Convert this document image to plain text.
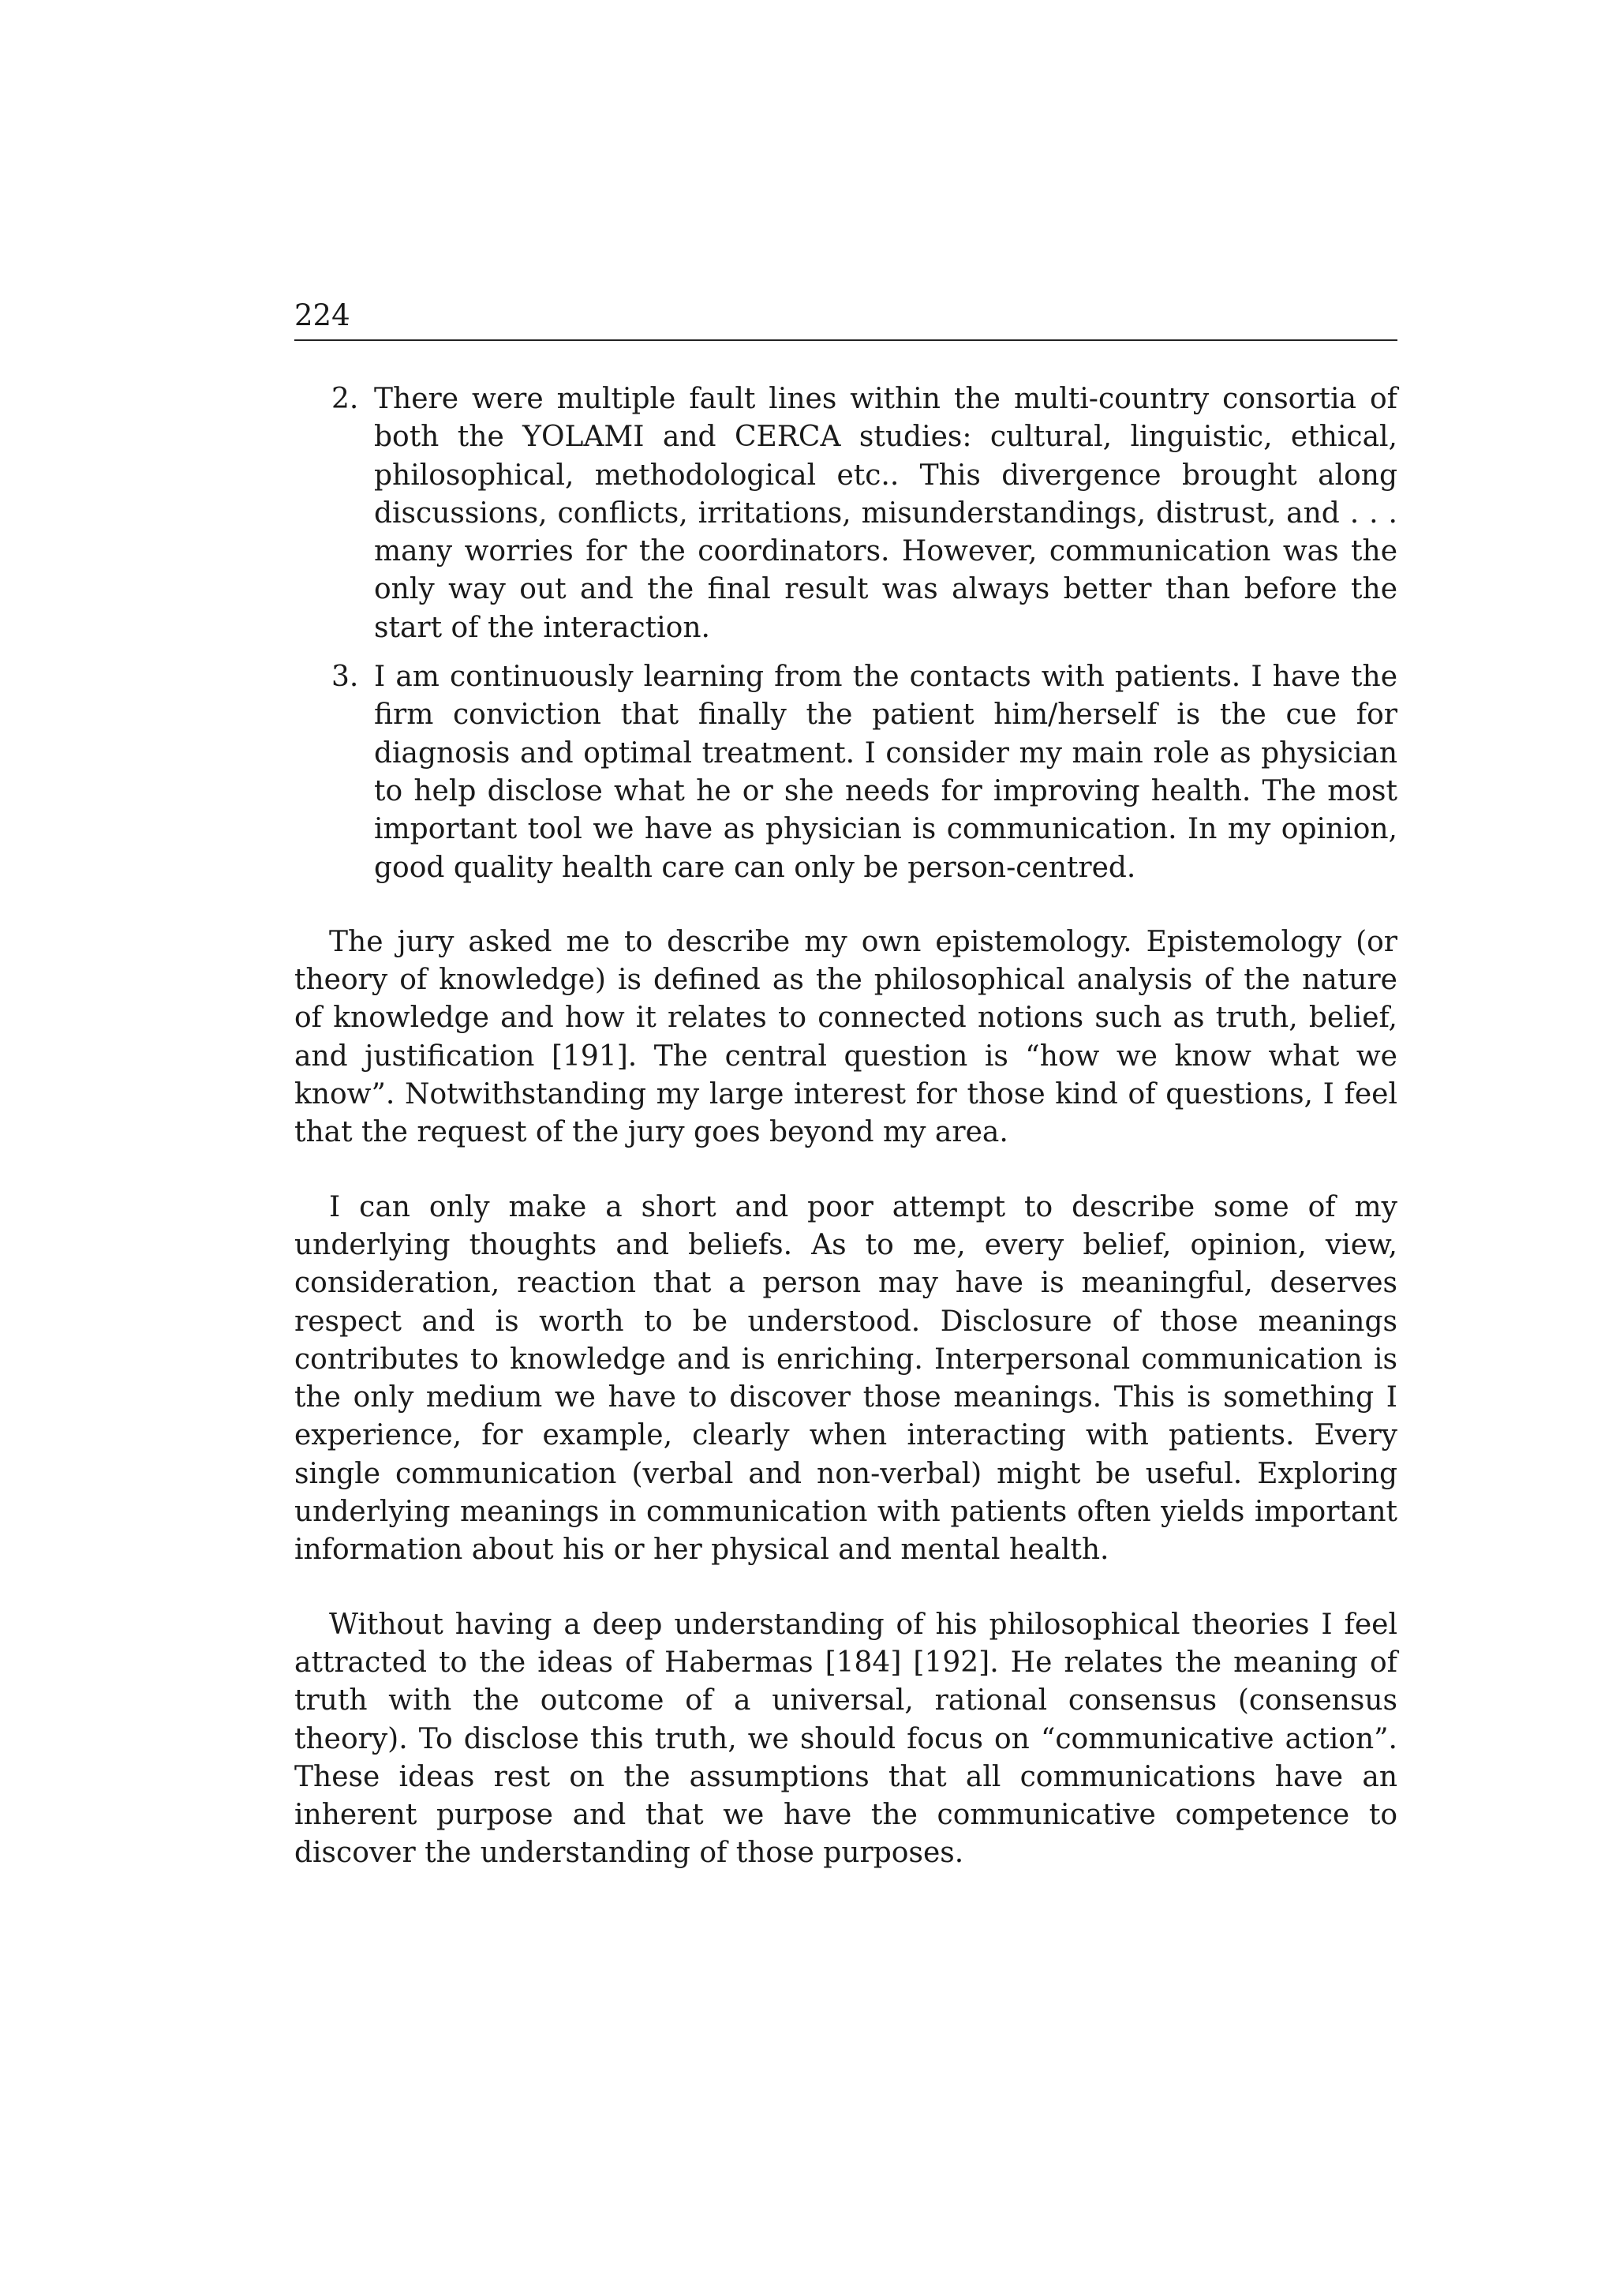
224
2. There were multiple fault lines within the multi-country consortia of both the YOLAMI and CERCA studies: cultural, linguistic, ethical, philosophical, methodological etc.. This divergence brought along discussions, conflicts, irritations, misunderstandings, distrust, and . . . many worries for the coordinators. However, communication was the only way out and the final result was always better than before the start of the interaction.
3. I am continuously learning from the contacts with patients. I have the firm conviction that finally the patient him/herself is the cue for diagnosis and optimal treatment. I consider my main role as physician to help disclose what he or she needs for improving health. The most important tool we have as physician is communication. In my opinion, good quality health care can only be person-centred.

The jury asked me to describe my own epistemology. Epistemology (or theory of knowledge) is defined as the philosophical analysis of the nature of knowledge and how it relates to connected notions such as truth, belief, and justification [191]. The central question is “how we know what we know”. Notwithstanding my large interest for those kind of questions, I feel that the request of the jury goes beyond my area.

I can only make a short and poor attempt to describe some of my underlying thoughts and beliefs. As to me, every belief, opinion, view, consideration, reaction that a person may have is meaningful, deserves respect and is worth to be understood. Disclosure of those meanings contributes to knowledge and is enriching. Interpersonal communication is the only medium we have to discover those meanings. This is something I experience, for example, clearly when interacting with patients. Every single communication (verbal and non-verbal) might be useful. Exploring underlying meanings in communication with patients often yields important information about his or her physical and mental health.

Without having a deep understanding of his philosophical theories I feel attracted to the ideas of Habermas [184] [192]. He relates the meaning of truth with the outcome of a universal, rational consensus (consensus theory). To disclose this truth, we should focus on “communicative action”. These ideas rest on the assumptions that all communications have an inherent purpose and that we have the communicative competence to discover the understanding of those purposes.
